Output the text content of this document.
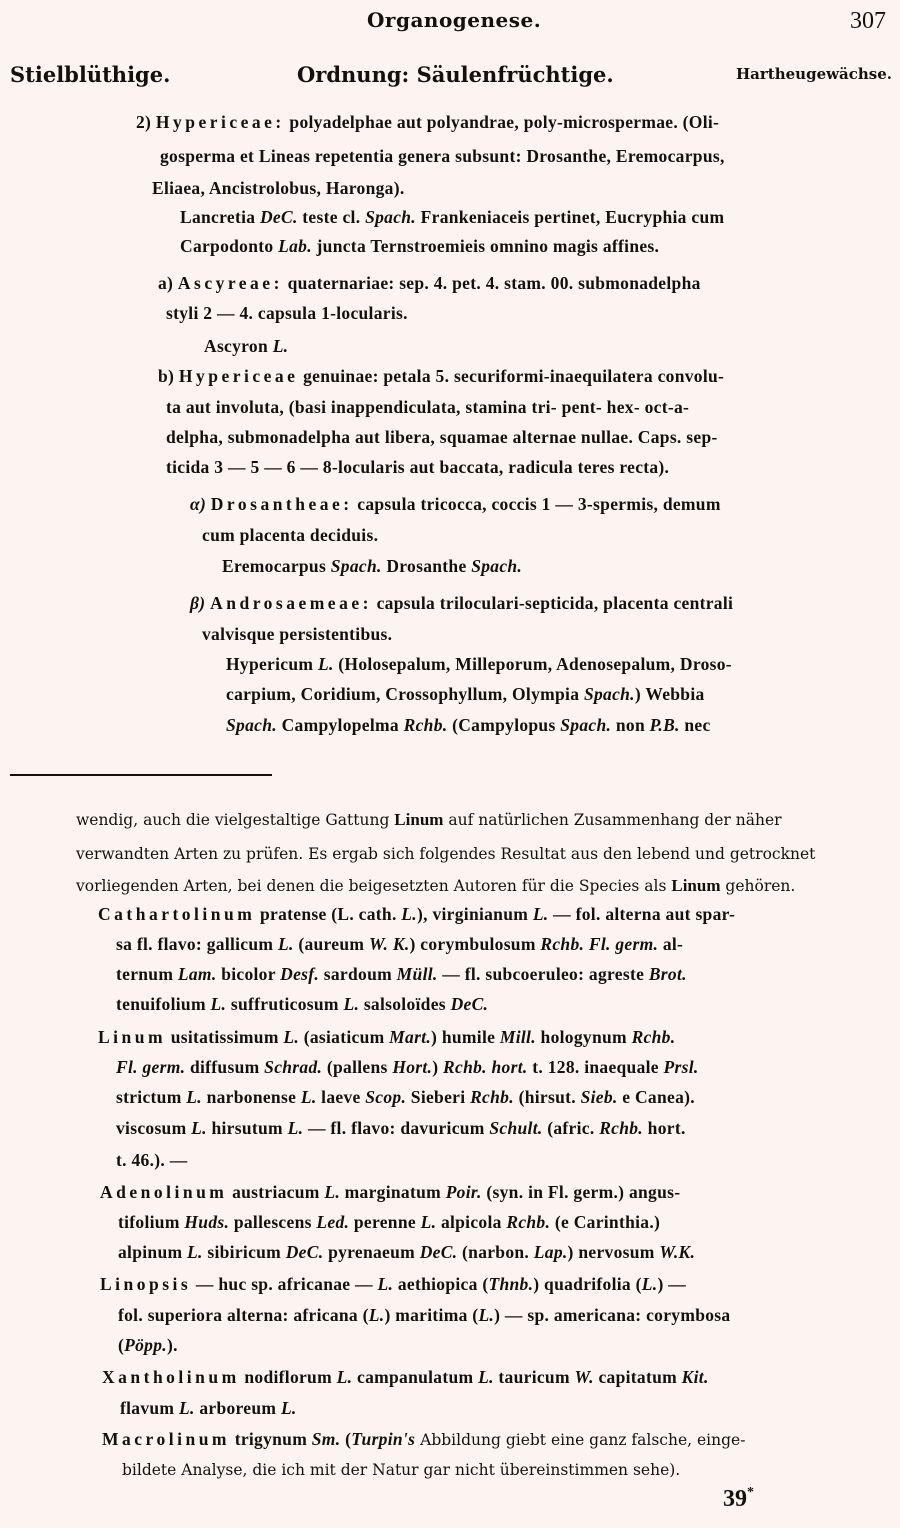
Organogenese.	307
Stielblüthige.	Ordnung: Säulenfrüchtige.	Hartheugewächse.
2) Hypericeae: polyadelphae aut polyandrae, poly-microspermae. (Oli-
gosperma et Lineas repetentia genera subsunt: Drosanthe, Eremocarpus,
Eliaea, Ancistrolobus, Haronga).
Lancretia DeC. teste cl. Spach. Frankeniaceis pertinet, Eucryphia cum
Carpodonto Lab. juncta Ternstroemieis omnino magis affines.
a) Ascyreae: quaternariae: sep. 4. pet. 4. stam. 00. submonadelpha
styli 2 — 4. capsula 1-locularis.
Ascyron L.
b) Hypericeae genuinae: petala 5. securiformi-inaequilatera convolu-
ta aut involuta, (basi inappendiculata, stamina tri- pent- hex- oct-a-
delpha, submonadelpha aut libera, squamae alternae nullae. Caps. sep-
ticida 3 — 5 — 6 — 8-locularis aut baccata, radicula teres recta).
α) Drosantheae: capsula tricocca, coccis 1 — 3-spermis, demum
cum placenta deciduis.
Eremocarpus Spach. Drosanthe Spach.
β) Androsaemeae: capsula triloculari-septicida, placenta centrali
valvisque persistentibus.
Hypericum L. (Holosepalum, Milleporum, Adenosepalum, Droso-
carpium, Coridium, Crossophyllum, Olympia Spach.) Webbia
Spach. Campylopelma Rchb. (Campylopus Spach. non P.B. nec
wendig, auch die vielgestaltige Gattung Linum auf natürlichen Zusammenhang der näher
verwandten Arten zu prüfen. Es ergab sich folgendes Resultat aus den lebend und getrocknet
vorliegenden Arten, bei denen die beigesetzten Autoren für die Species als Linum gehören.
Cathartolinum pratense (L. cath. L.), virginianum L. — fol. alterna aut spar-
sa fl. flavo: gallicum L. (aureum W. K.) corymbulosum Rchb. Fl. germ. al-
ternum Lam. bicolor Desf. sardoum Müll. — fl. subcoeruleo: agreste Brot.
tenuifolium L. suffruticosum L. salsoloïdes DeC.
Linum usitatissimum L. (asiaticum Mart.) humile Mill. hologynum Rchb.
Fl. germ. diffusum Schrad. (pallens Hort.) Rchb. hort. t. 128. inaequale Prsl.
strictum L. narbonense L. laeve Scop. Sieberi Rchb. (hirsut. Sieb. e Canea).
viscosum L. hirsutum L. — fl. flavo: davuricum Schult. (afric. Rchb. hort.
t. 46.). —
Adenolinum austriacum L. marginatum Poir. (syn. in Fl. germ.) angus-
tifolium Huds. pallescens Led. perenne L. alpicola Rchb. (e Carinthia.)
alpinum L. sibiricum DeC. pyrenaeum DeC. (narbon. Lap.) nervosum W.K.
Linopsis — huc sp. africanae — L. aethiopica (Thnb.) quadrifolia (L.) —
fol. superiora alterna: africana (L.) maritima (L.) — sp. americana: corymbosa
(Pöpp.).
Xantholinum nodiflorum L. campanulatum L. tauricum W. capitatum Kit.
flavum L. arboreum L.
Macrolinum trigynum Sm. (Turpin's Abbildung giebt eine ganz falsche, einge-
bildete Analyse, die ich mit der Natur gar nicht übereinstimmen sehe).
39*
